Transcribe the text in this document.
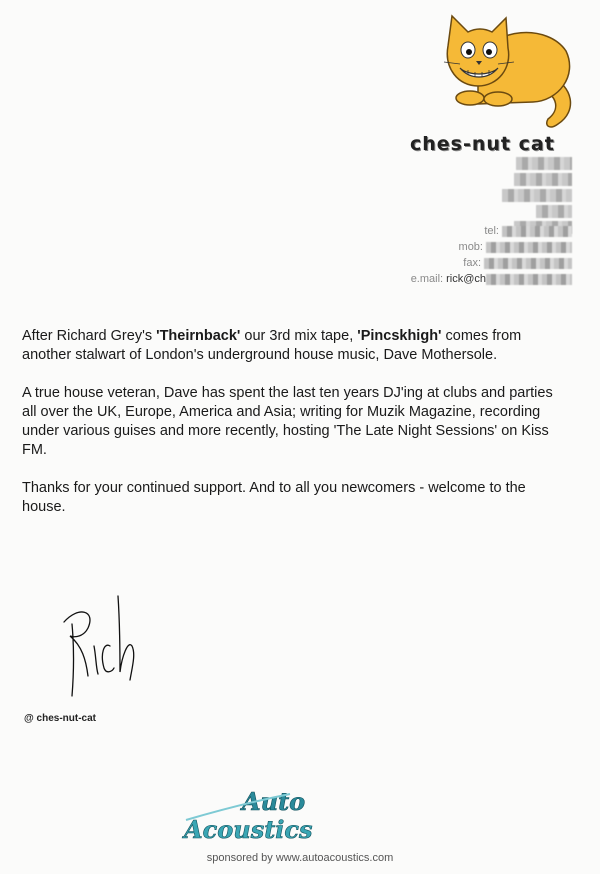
ches-nut cat
tel:
mob:
fax:
e.mail: rick@ch

After Richard Grey's 'Theirnback' our 3rd mix tape, 'Pincskhigh' comes from another stalwart of London's underground house music, Dave Mothersole.

A true house veteran, Dave has spent the last ten years DJ'ing at clubs and parties all over the UK, Europe, America and Asia; writing for Muzik Magazine, recording under various guises and more recently, hosting 'The Late Night Sessions' on Kiss FM.

Thanks for your continued support. And to all you newcomers - welcome to the house.

@ ches-nut-cat
Auto
Acoustics
sponsored by www.autoacoustics.com
